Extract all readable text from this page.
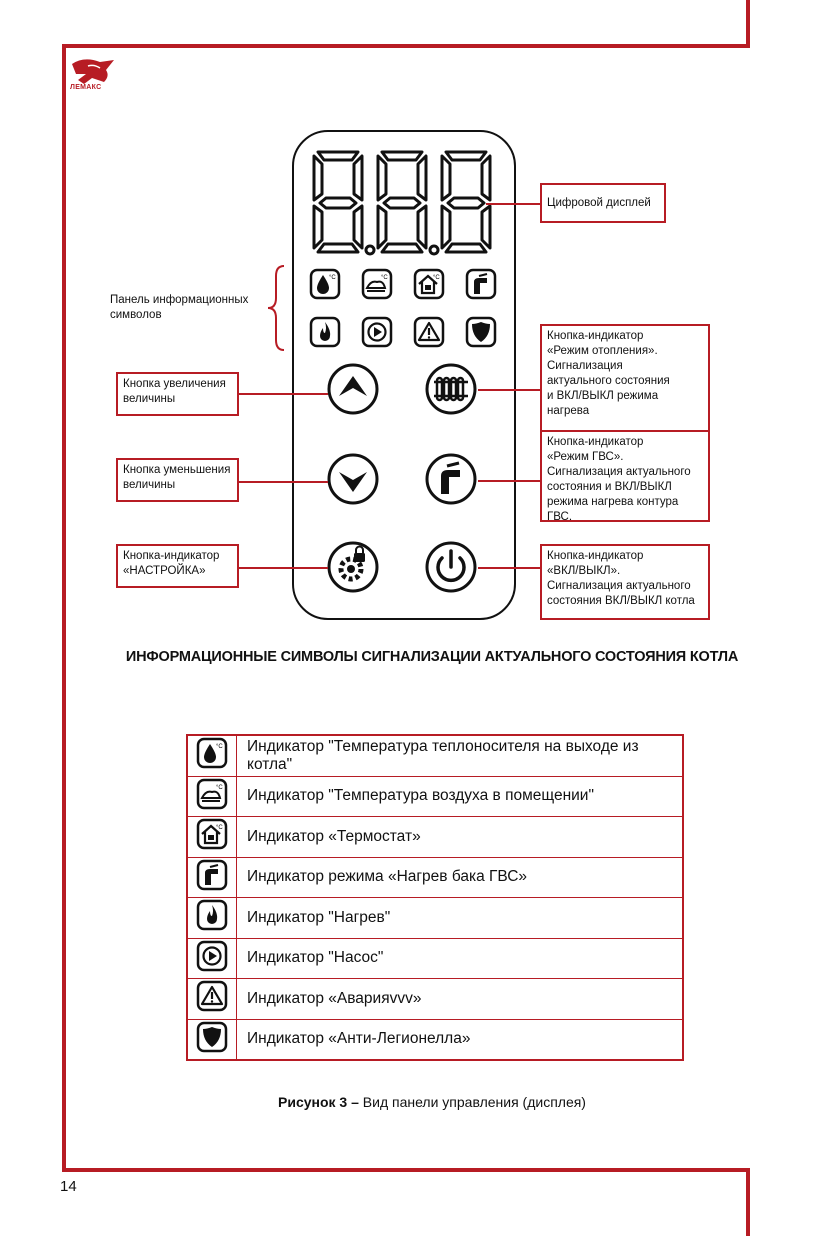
ЛЕМАКС
°C	°C	°C
Цифровой дисплей
Панель информационных
символов
Кнопка-индикатор
«Режим отопления».
Сигнализация
актуального состояния
и ВКЛ/ВЫКЛ режима нагрева
Кнопка увеличения
величины
Кнопка-индикатор
«Режим ГВС».
Сигнализация актуального
состояния и ВКЛ/ВЫКЛ
режима нагрева контура ГВС.
Кнопка уменьшения
величины
Кнопка-индикатор
«НАСТРОЙКА»
Кнопка-индикатор
«ВКЛ/ВЫКЛ».
Сигнализация актуального
состояния ВКЛ/ВЫКЛ котла
ИНФОРМАЦИОННЫЕ СИМВОЛЫ СИГНАЛИЗАЦИИ АКТУАЛЬНОГО СОСТОЯНИЯ КОТЛА
°C	Индикатор "Температура теплоносителя на выходе из котла"

°C	Индикатор "Температура воздуха в помещении"

°C	Индикатор «Термостат»
	Индикатор режима «Нагрев бака ГВС»
	Индикатор "Нагрев"
	Индикатор "Насос"
	Индикатор «Аварияvvv»
	Индикатор «Анти-Легионелла»
Рисунок 3 – Вид панели управления (дисплея)
14
